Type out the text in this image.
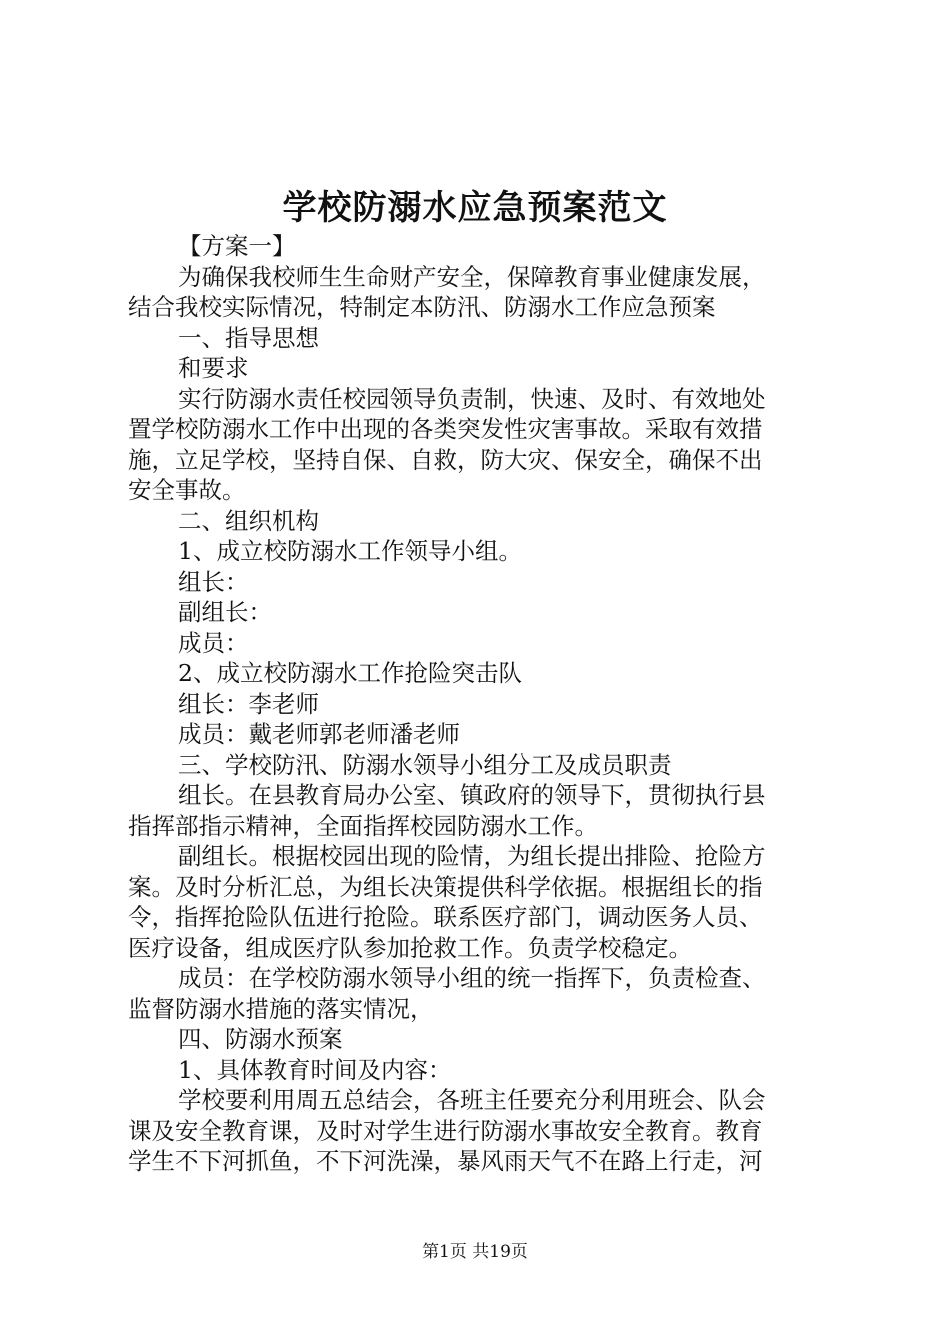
学校防溺水应急预案范文

【方案一】

为确保我校师生生命财产安全，保障教育事业健康发展，

结合我校实际情况，特制定本防汛、防溺水工作应急预案

一、指导思想

和要求

实行防溺水责任校园领导负责制，快速、及时、有效地处

置学校防溺水工作中出现的各类突发性灾害事故。采取有效措

施，立足学校，坚持自保、自救，防大灾、保安全，确保不出

安全事故。

二、组织机构

1、成立校防溺水工作领导小组。

组长：

副组长：

成员：

2、成立校防溺水工作抢险突击队

组长：李老师

成员：戴老师郭老师潘老师

三、学校防汛、防溺水领导小组分工及成员职责

组长。在县教育局办公室、镇政府的领导下，贯彻执行县

指挥部指示精神，全面指挥校园防溺水工作。

副组长。根据校园出现的险情，为组长提出排险、抢险方

案。及时分析汇总，为组长决策提供科学依据。根据组长的指

令，指挥抢险队伍进行抢险。联系医疗部门，调动医务人员、

医疗设备，组成医疗队参加抢救工作。负责学校稳定。

成员：在学校防溺水领导小组的统一指挥下，负责检查、

监督防溺水措施的落实情况，

四、防溺水预案

1、具体教育时间及内容：

学校要利用周五总结会，各班主任要充分利用班会、队会

课及安全教育课，及时对学生进行防溺水事故安全教育。教育

学生不下河抓鱼，不下河洗澡，暴风雨天气不在路上行走，河

第1页 共19页
